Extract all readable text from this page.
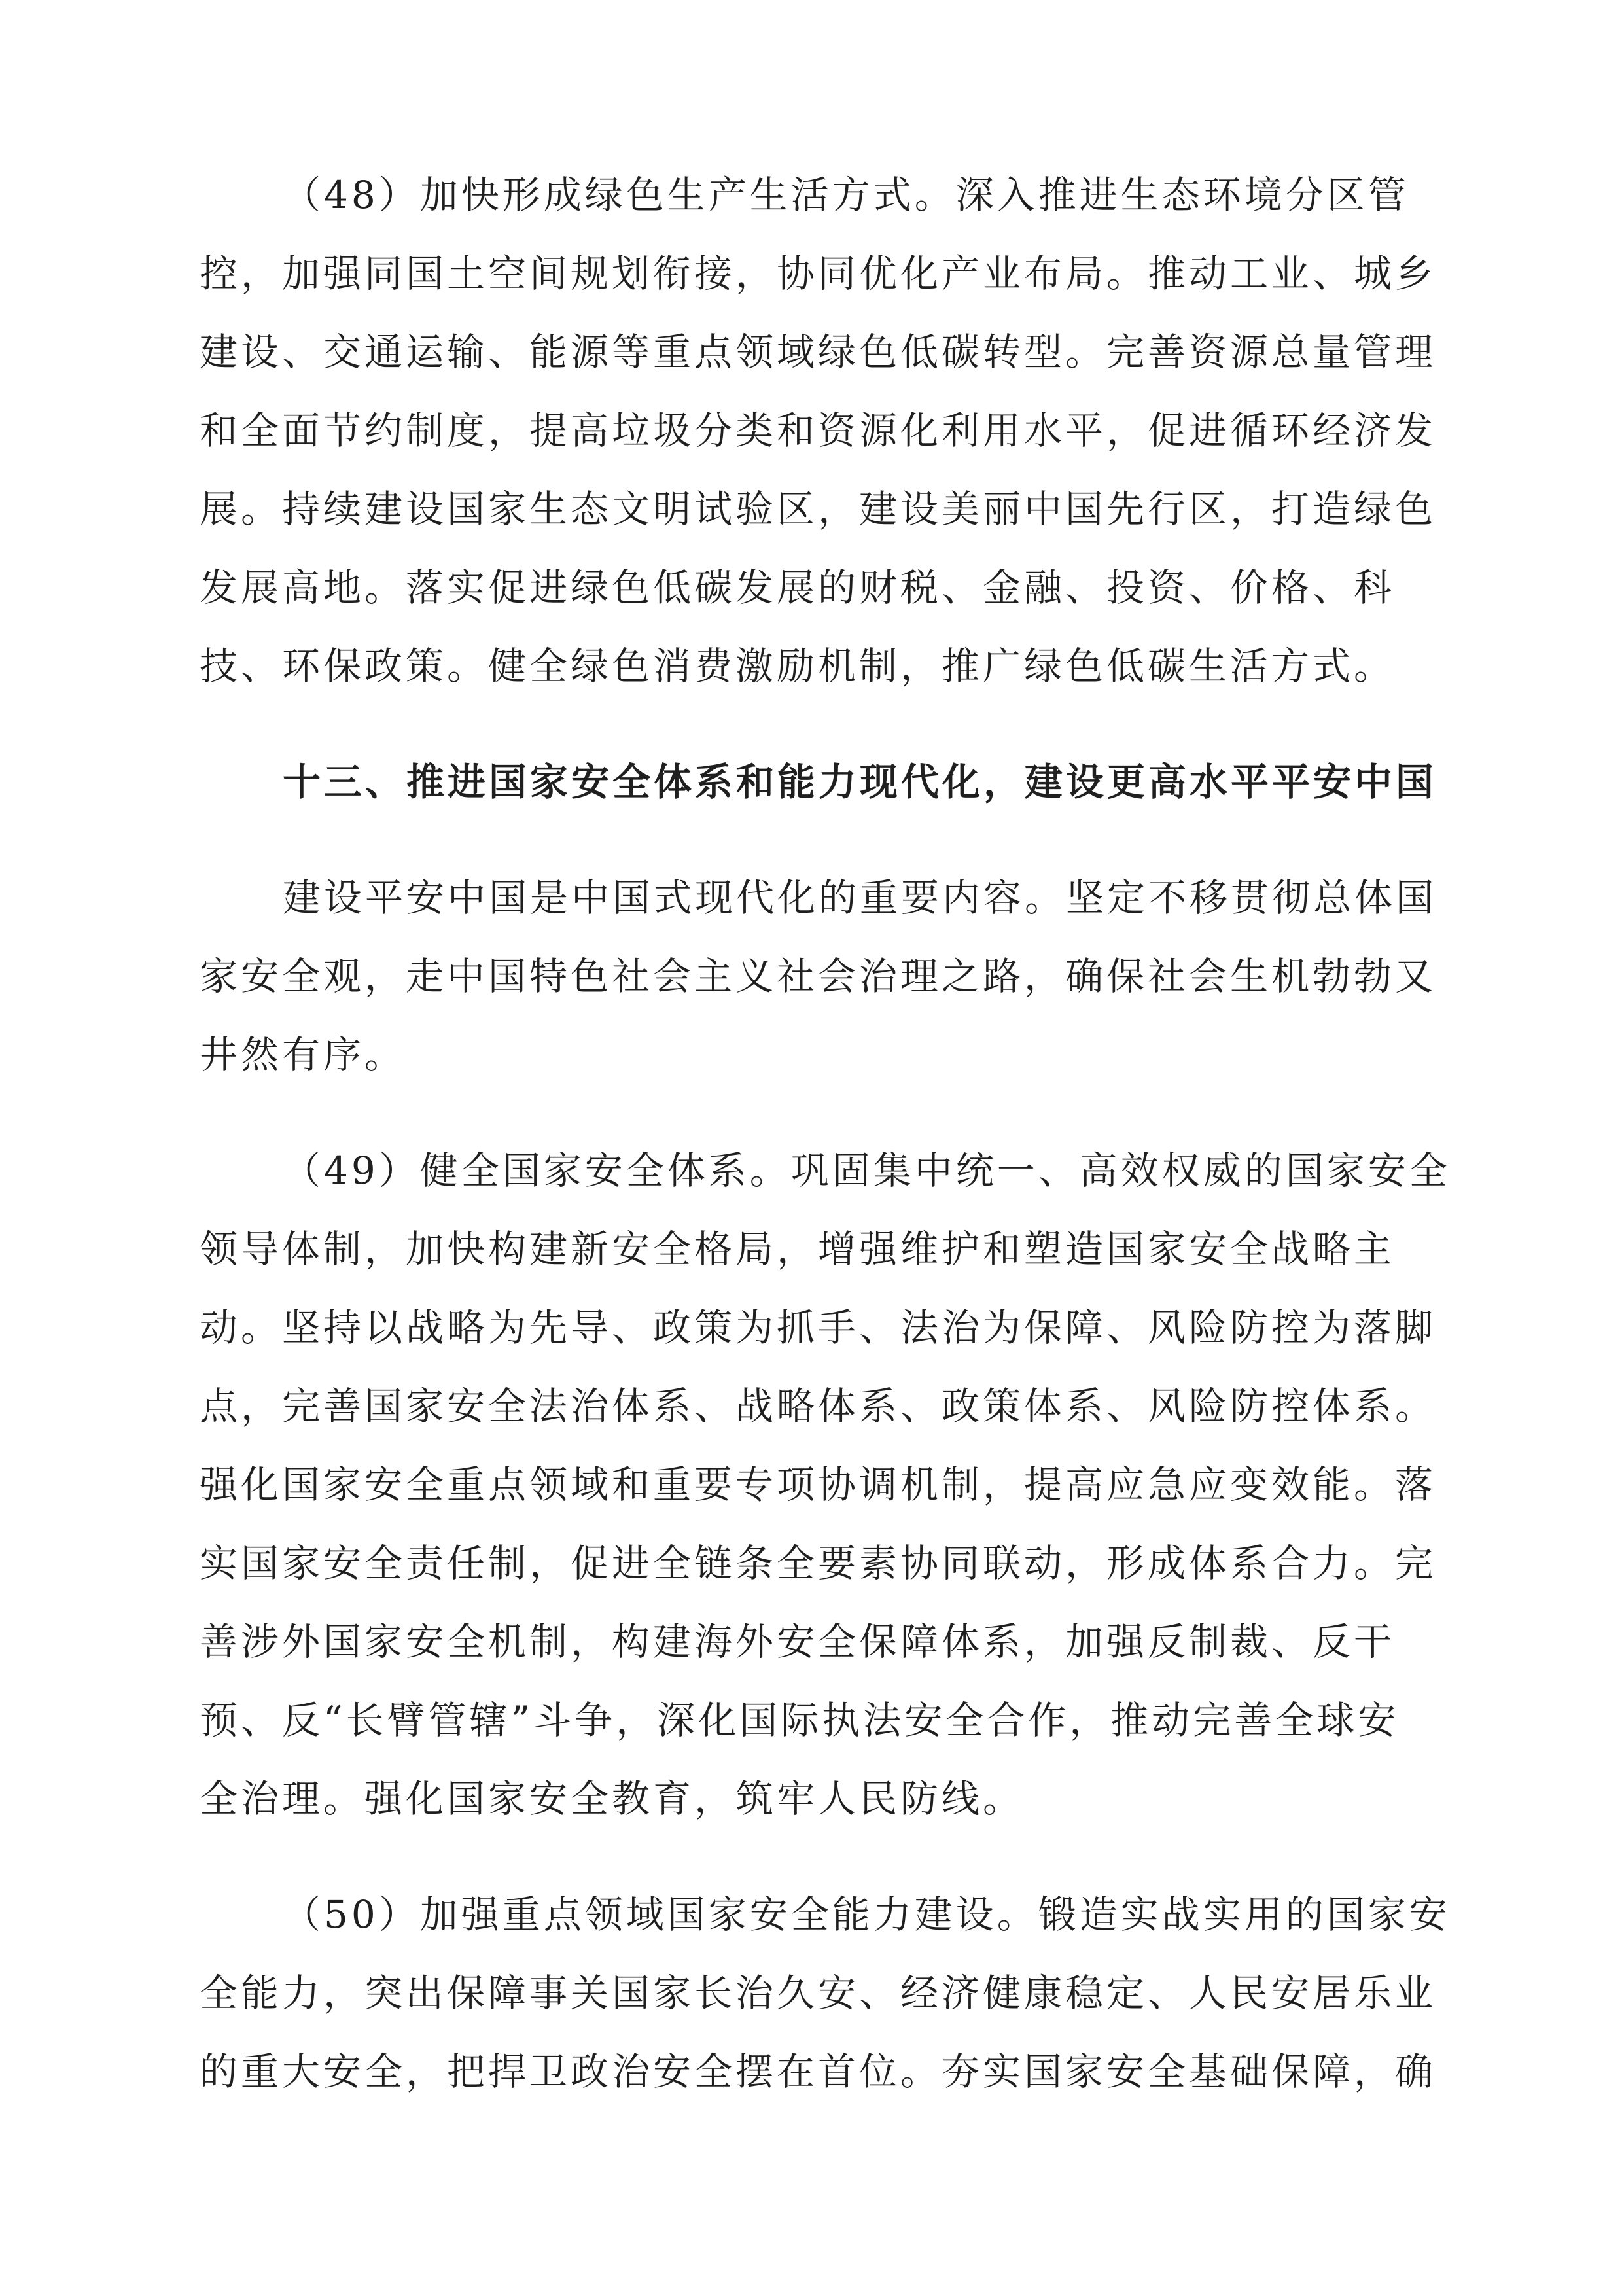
（48）加快形成绿色生产生活方式。深入推进生态环境分区管
控，加强同国土空间规划衔接，协同优化产业布局。推动工业、城乡
建设、交通运输、能源等重点领域绿色低碳转型。完善资源总量管理
和全面节约制度，提高垃圾分类和资源化利用水平，促进循环经济发
展。持续建设国家生态文明试验区，建设美丽中国先行区，打造绿色
发展高地。落实促进绿色低碳发展的财税、金融、投资、价格、科
技、环保政策。健全绿色消费激励机制，推广绿色低碳生活方式。
十三、推进国家安全体系和能力现代化，建设更高水平平安中国
建设平安中国是中国式现代化的重要内容。坚定不移贯彻总体国
家安全观，走中国特色社会主义社会治理之路，确保社会生机勃勃又
井然有序。
（49）健全国家安全体系。巩固集中统一、高效权威的国家安全
领导体制，加快构建新安全格局，增强维护和塑造国家安全战略主
动。坚持以战略为先导、政策为抓手、法治为保障、风险防控为落脚
点，完善国家安全法治体系、战略体系、政策体系、风险防控体系。
强化国家安全重点领域和重要专项协调机制，提高应急应变效能。落
实国家安全责任制，促进全链条全要素协同联动，形成体系合力。完
善涉外国家安全机制，构建海外安全保障体系，加强反制裁、反干
预、反“长臂管辖”斗争，深化国际执法安全合作，推动完善全球安
全治理。强化国家安全教育，筑牢人民防线。
（50）加强重点领域国家安全能力建设。锻造实战实用的国家安
全能力，突出保障事关国家长治久安、经济健康稳定、人民安居乐业
的重大安全，把捍卫政治安全摆在首位。夯实国家安全基础保障，确
